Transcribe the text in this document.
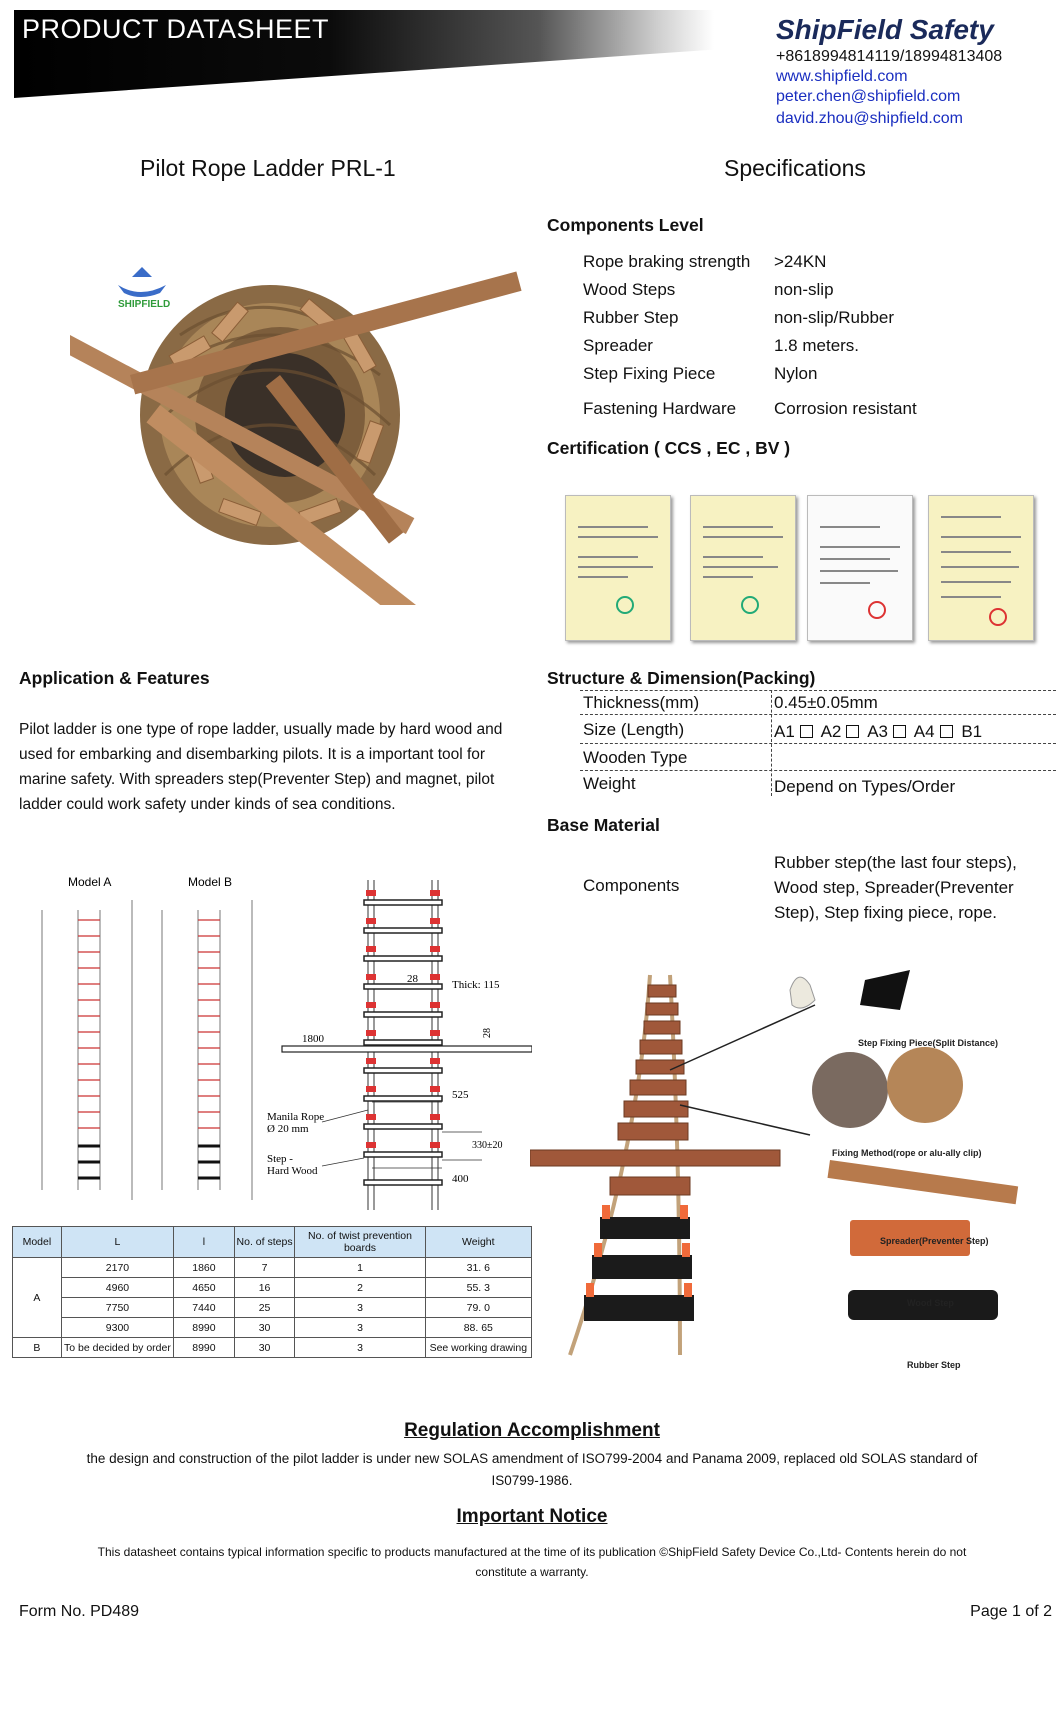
PRODUCT DATASHEET	ShipField Safety
+8618994814119/18994813408
www.shipfield.com
peter.chen@shipfield.com
david.zhou@shipfield.com
Pilot Rope Ladder PRL-1	Specifications
SHIPFIELD
Components Level
Rope braking strength >24KN
Wood Steps	non-slip
Rubber Step	non-slip/Rubber
Spreader	1.8 meters.
Step Fixing Piece	Nylon
Fastening Hardware Corrosion resistant
Certification ( CCS , EC , BV )
Application & Features
Pilot ladder is one type of rope ladder, usually made by hard wood and
used for embarking and disembarking pilots. It is a important tool for
marine safety. With spreaders step(Preventer Step) and magnet, pilot
ladder could work safety under kinds of sea conditions.
Structure & Dimension(Packing)
Thickness(mm)	0.45±0.05mm
Size (Length)	A1 A2 A3 A4 B1
Wooden Type
Weight	Depend on Types/Order
Base Material
Components
Rubber step(the last four steps),
Wood step, Spreader(Preventer
Step), Step fixing piece, rope.
Model A	Model B
Thick: 115
1800
28
28
Manila Rope
Ø 20 mm
Step -
Hard Wood
525
330±20
400
Model	L	l	No. of steps	No. of twist prevention boards	Weight
A	2170	1860	7	1	31. 6
	4960	4650	16	2	55. 3
	7750	7440	25	3	79. 0
	9300	8990	30	3	88. 65
B	To be decided by order	8990	30	3	See working drawing
Step Fixing Piece(Split Distance)
Fixing Method(rope or alu-ally clip)
Spreader(Preventer Step)
Wood Step
Rubber Step
Regulation Accomplishment
the design and construction of the pilot ladder is under new SOLAS amendment of ISO799-2004 and Panama 2009, replaced old SOLAS standard of
IS0799-1986.
Important Notice
This datasheet contains typical information specific to products manufactured at the time of its publication ©ShipField Safety Device Co.,Ltd- Contents herein do not
constitute a warranty.
Form No. PD489	Page 1 of 2
